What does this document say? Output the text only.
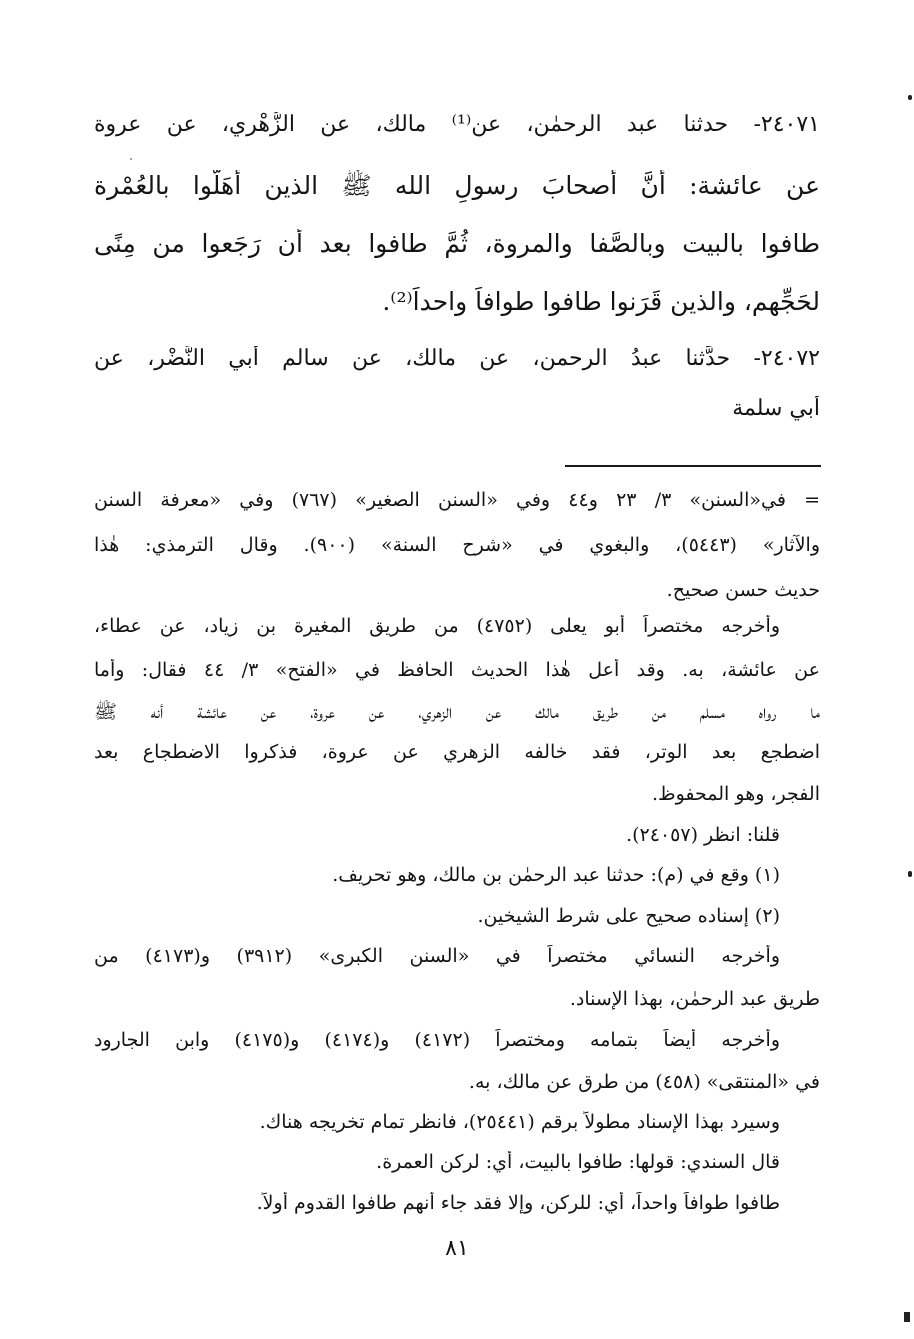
٢٤٠٧١- حدثنا عبد الرحمٰن، عن⁽¹⁾ مالك، عن الزُّهْري، عن عروة
عن عائشة: أنَّ أصحابَ رسولِ الله ﷺ الذين أهَلُّوا بالعُمْرة
طافوا بالبيت وبالصَّفا والمروة، ثُمَّ طافوا بعد أن رَجَعوا من مِنًى
لحَجِّهم، والذين قَرَنوا طافوا طوافاً واحداً⁽²⁾.
٢٤٠٧٢- حدَّثنا عبدُ الرحمن، عن مالك، عن سالم أبي النَّضْر، عن
أبي سلمة
= في«السنن» ٣/ ٢٣ و٤٤ وفي «السنن الصغير» (٧٦٧) وفي «معرفة السنن
والآثار» (٥٤٤٣)، والبغوي في «شرح السنة» (٩٠٠). وقال الترمذي: هٰذا
حديث حسن صحيح.
وأخرجه مختصراً أبو يعلى (٤٧٥٢) من طريق المغيرة بن زياد، عن عطاء،
عن عائشة، به. وقد أعل هٰذا الحديث الحافظ في «الفتح» ٣/ ٤٤ فقال: وأما
ما رواه مسلم من طريق مالك عن الزهري، عن عروة، عن عائشة أنه ﷺ
اضطجع بعد الوتر، فقد خالفه الزهري عن عروة، فذكروا الاضطجاع بعد
الفجر، وهو المحفوظ.
قلنا: انظر (٢٤٠٥٧).
(١) وقع في (م): حدثنا عبد الرحمٰن بن مالك، وهو تحريف.
(٢) إسناده صحيح على شرط الشيخين.
وأخرجه النسائي مختصراً في «السنن الكبرى» (٣٩١٢) و(٤١٧٣) من
طريق عبد الرحمٰن، بهذا الإسناد.
وأخرجه أيضاً بتمامه ومختصراً (٤١٧٢) و(٤١٧٤) و(٤١٧٥) وابن الجارود
في «المنتقى» (٤٥٨) من طرق عن مالك، به.
وسيرد بهذا الإسناد مطولاً برقم (٢٥٤٤١)، فانظر تمام تخريجه هناك.
قال السندي: قولها: طافوا بالبيت، أي: لركن العمرة.
طافوا طوافاً واحداً، أي: للركن، وإلا فقد جاء أنهم طافوا القدوم أولاً.
٨١
